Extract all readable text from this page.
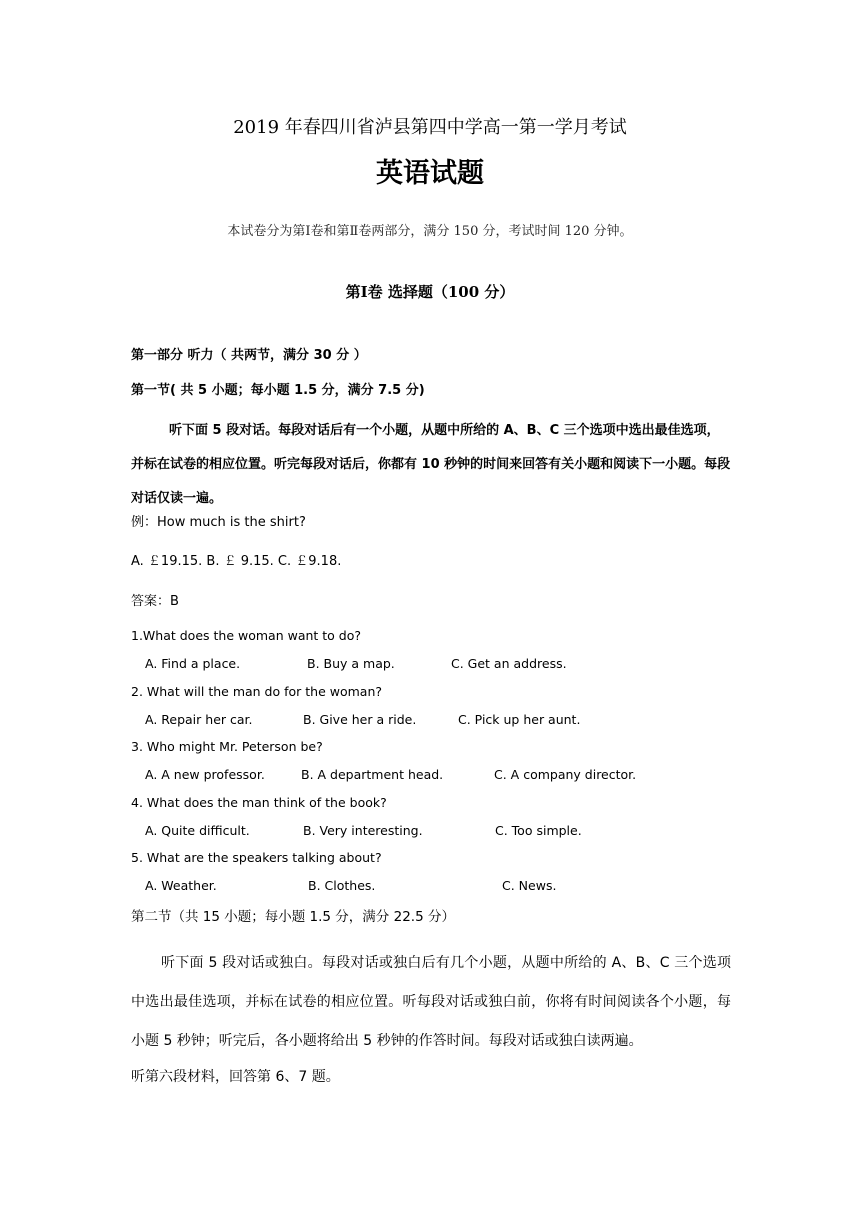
2019 年春四川省泸县第四中学高一第一学月考试
英语试题
本试卷分为第Ⅰ卷和第Ⅱ卷两部分，满分 150 分，考试时间 120 分钟。
第Ⅰ卷 选择题（100 分）
第一部分 听力（ 共两节，满分 30 分 ）
第一节( 共 5 小题；每小题 1.5 分，满分 7.5 分)
听下面 5 段对话。每段对话后有一个小题，从题中所给的 A、B、C 三个选项中选出最佳选项，并标在试卷的相应位置。听完每段对话后，你都有 10 秒钟的时间来回答有关小题和阅读下一小题。每段对话仅读一遍。
例：How much is the shirt?
A. ￡19.15. B. ￡ 9.15. C. ￡9.18.
答案：B
1.What does the woman want to do?
A. Find a place.	B. Buy a map.	C. Get an address.
2. What will the man do for the woman?
A. Repair her car.	B. Give her a ride.	C. Pick up her aunt.
3. Who might Mr. Peterson be?
A. A new professor.	B. A department head.	C. A company director.
4. What does the man think of the book?
A. Quite difficult.	B. Very interesting.	C. Too simple.
5. What are the speakers talking about?
A. Weather.	B. Clothes.	C. News.
第二节（共 15 小题；每小题 1.5 分，满分 22.5 分）
听下面 5 段对话或独白。每段对话或独白后有几个小题，从题中所给的 A、B、C 三个选项中选出最佳选项，并标在试卷的相应位置。听每段对话或独白前，你将有时间阅读各个小题，每小题 5 秒钟；听完后，各小题将给出 5 秒钟的作答时间。每段对话或独白读两遍。
听第六段材料，回答第 6、7 题。
